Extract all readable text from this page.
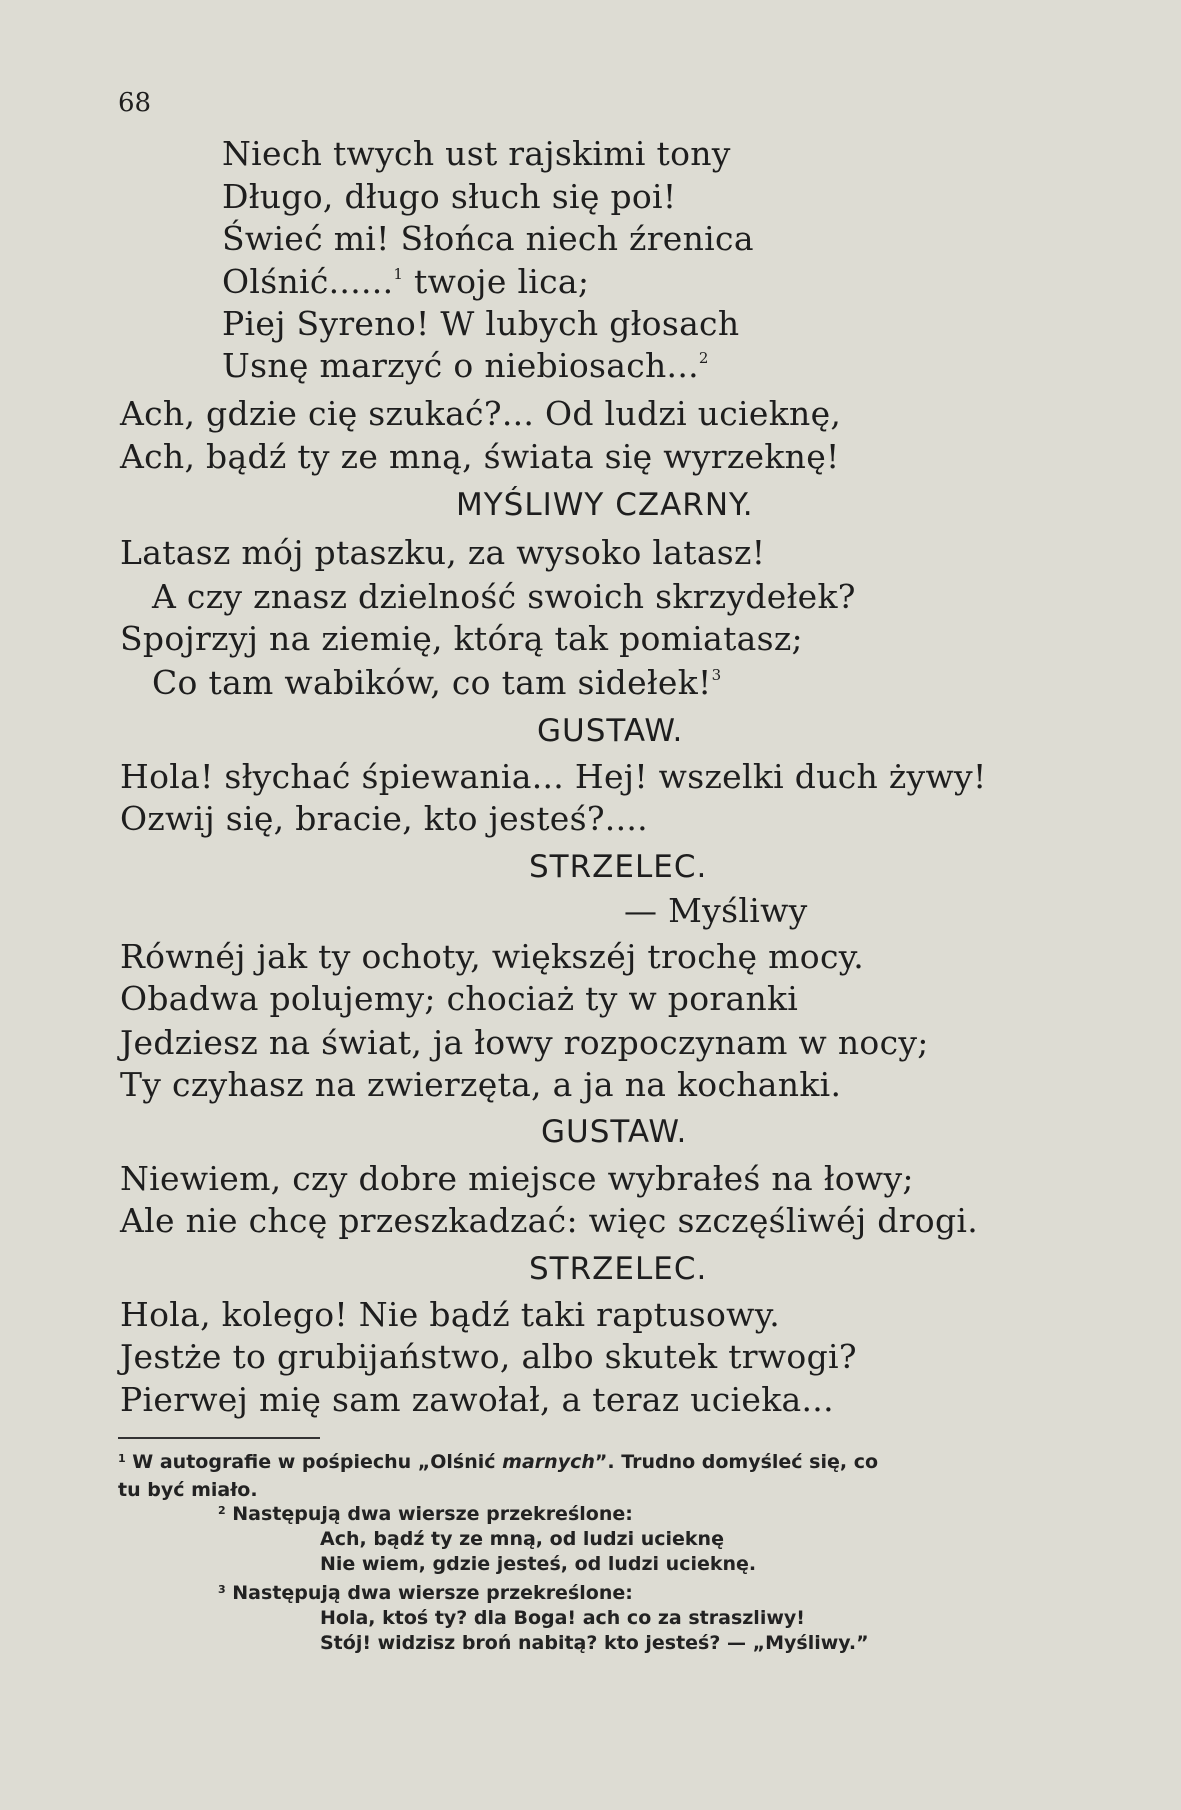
68
Niech twych ust rajskimi tony
Długo, długo słuch się poi!
Świeć mi! Słońca niech źrenica
Olśnić......$^1$ twoje lica;
Piej Syreno! W lubych głosach
Usnę marzyć o niebiosach...$^2$
Ach, gdzie cię szukać?... Od ludzi ucieknę,
Ach, bądź ty ze mną, świata się wyrzeknę!
MYŚLIWY CZARNY.
Latasz mój ptaszku, za wysoko latasz!
A czy znasz dzielność swoich skrzydełek?
Spojrzyj na ziemię, którą tak pomiatasz;
Co tam wabików, co tam sidełek!$^3$
GUSTAW.
Hola! słychać śpiewania... Hej! wszelki duch żywy!
Ozwij się, bracie, kto jesteś?....
STRZELEC.
— Myśliwy
Równéj jak ty ochoty, większéj trochę mocy.
Obadwa polujemy; chociaż ty w poranki
Jedziesz na świat, ja łowy rozpoczynam w nocy;
Ty czyhasz na zwierzęta, a ja na kochanki.
GUSTAW.
Niewiem, czy dobre miejsce wybrałeś na łowy;
Ale nie chcę przeszkadzać: więc szczęśliwéj drogi.
STRZELEC.
Hola, kolego! Nie bądź taki raptusowy.
Jestże to grubijaństwo, albo skutek trwogi?
Pierwej mię sam zawołał, a teraz ucieka...
$^1$ W autografie w pośpiechu „Olśnić marnych”. Trudno domyśleć się, co
tu być miało.
$^2$ Następują dwa wiersze przekreślone:
Ach, bądź ty ze mną, od ludzi ucieknę
Nie wiem, gdzie jesteś, od ludzi ucieknę.
$^3$ Następują dwa wiersze przekreślone:
Hola, ktoś ty? dla Boga! ach co za straszliwy!
Stój! widzisz broń nabitą? kto jesteś? — „Myśliwy.”
